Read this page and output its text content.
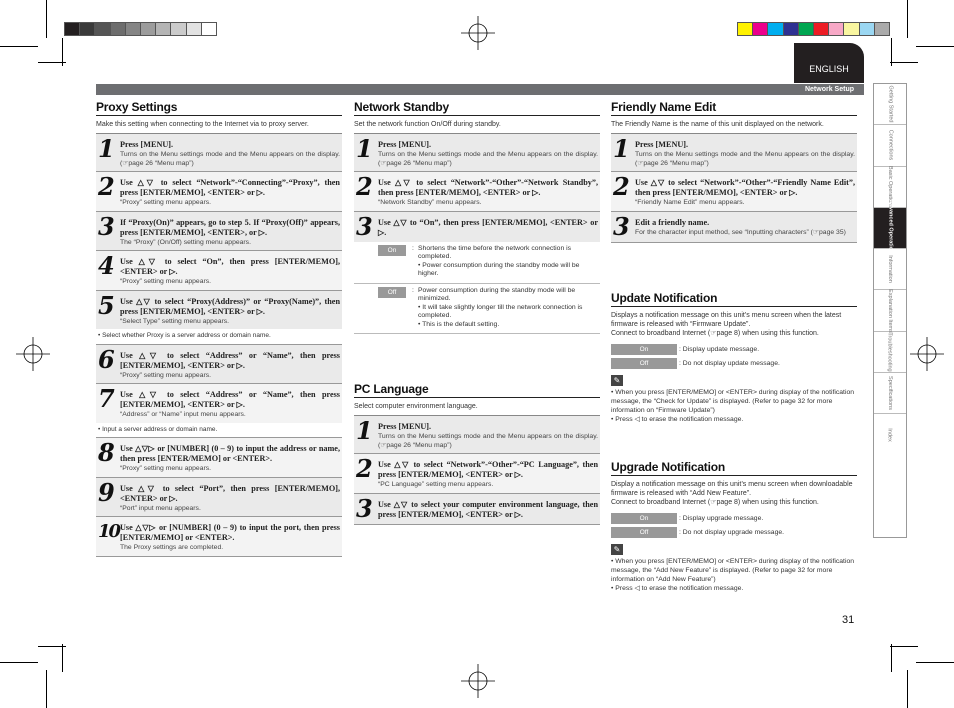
ENGLISH
Network Setup
Proxy Settings
Make this setting when connecting to the Internet via to proxy server.
1 Press [MENU].
Turns on the Menu settings mode and the Menu appears on the display. (☞page 26 “Menu map”)
2 Use △▽ to select “Network”-“Connecting”-“Proxy”, then press [ENTER/MEMO], <ENTER> or ▷.
“Proxy” setting menu appears.
3 If “Proxy(On)” appears, go to step 5. If “Proxy(Off)” appears, press [ENTER/MEMO], <ENTER>, or ▷.
The “Proxy” (On/Off) setting menu appears.
4 Use △▽ to select “On”, then press [ENTER/MEMO], <ENTER> or ▷.
“Proxy” setting menu appears.
5 Use △▽ to select “Proxy(Address)” or “Proxy(Name)”, then press [ENTER/MEMO], <ENTER> or ▷.
“Select Type” setting menu appears.
• Select whether Proxy is a server address or domain name.
6 Use △▽ to select “Address” or “Name”, then press [ENTER/MEMO], <ENTER> or ▷.
“Proxy” setting menu appears.
7 Use △▽ to select “Address” or “Name”, then press [ENTER/MEMO], <ENTER> or ▷.
“Address” or “Name” input menu appears.
• Input a server address or domain name.
8 Use △▽▷ or [NUMBER] (0 – 9) to input the address or name, then press [ENTER/MEMO] or <ENTER>.
“Proxy” setting menu appears.
9 Use △▽ to select “Port”, then press [ENTER/MEMO], <ENTER> or ▷.
“Port” input menu appears.
10 Use △▽▷ or [NUMBER] (0 – 9) to input the port, then press [ENTER/MEMO] or <ENTER>.
The Proxy settings are completed.
Network Standby
Set the network function On/Off during standby.
1 Press [MENU].
Turns on the Menu settings mode and the Menu appears on the display. (☞page 26 “Menu map”)
2 Use △▽ to select “Network”-“Other”-“Network Standby”, then press [ENTER/MEMO], <ENTER> or ▷.
“Network Standby” menu appears.
3 Use △▽ to “On”, then press [ENTER/MEMO], <ENTER> or ▷.
On	: Shortens the time before the network connection is completed.
• Power consumption during the standby mode will be higher.
Off	: Power consumption during the standby mode will be minimized.
• It will take slightly longer till the network connection is completed.
• This is the default setting.
PC Language
Select computer environment language.
1 Press [MENU].
Turns on the Menu settings mode and the Menu appears on the display. (☞page 26 “Menu map”)
2 Use △▽ to select “Network”-“Other”-“PC Language”, then press [ENTER/MEMO], <ENTER> or ▷.
“PC Language” setting menu appears.
3 Use △▽ to select your computer environment language, then press [ENTER/MEMO], <ENTER> or ▷.
Friendly Name Edit
The Friendly Name is the name of this unit displayed on the network.
1 Press [MENU].
Turns on the Menu settings mode and the Menu appears on the display. (☞page 26 “Menu map”)
2 Use △▽ to select “Network”-“Other”-“Friendly Name Edit”, then press [ENTER/MEMO], <ENTER> or ▷.
“Friendly Name Edit” menu appears.
3 Edit a friendly name.
For the character input method, see “Inputting characters” (☞page 35)
Update Notification
Displays a notification message on this unit’s menu screen when the latest firmware is released with “Firmware Update”.
Connect to broadband Internet (☞page 8) when using this function.
On	: Display update message.
Off	: Do not display update message.
✎
• When you press [ENTER/MEMO] or <ENTER> during display of the notification message, the “Check for Update” is displayed. (Refer to page 32 for more information on “Firmware Update”)
• Press ◁ to erase the notification message.
Upgrade Notification
Display a notification message on this unit’s menu screen when downloadable firmware is released with “Add New Feature”.
Connect to broadband Internet (☞page 8) when using this function.
On	: Display upgrade message.
Off	: Do not display upgrade message.
✎
• When you press [ENTER/MEMO] or <ENTER> during display of the notification message, the “Add New Feature” is displayed. (Refer to page 32 for more information on “Add New Feature”)
• Press ◁ to erase the notification message.
Getting Started
Connections
Basic Operations
Advanced Operations
Information
Explanation Items
Troubleshooting
Specifications
Index
31
